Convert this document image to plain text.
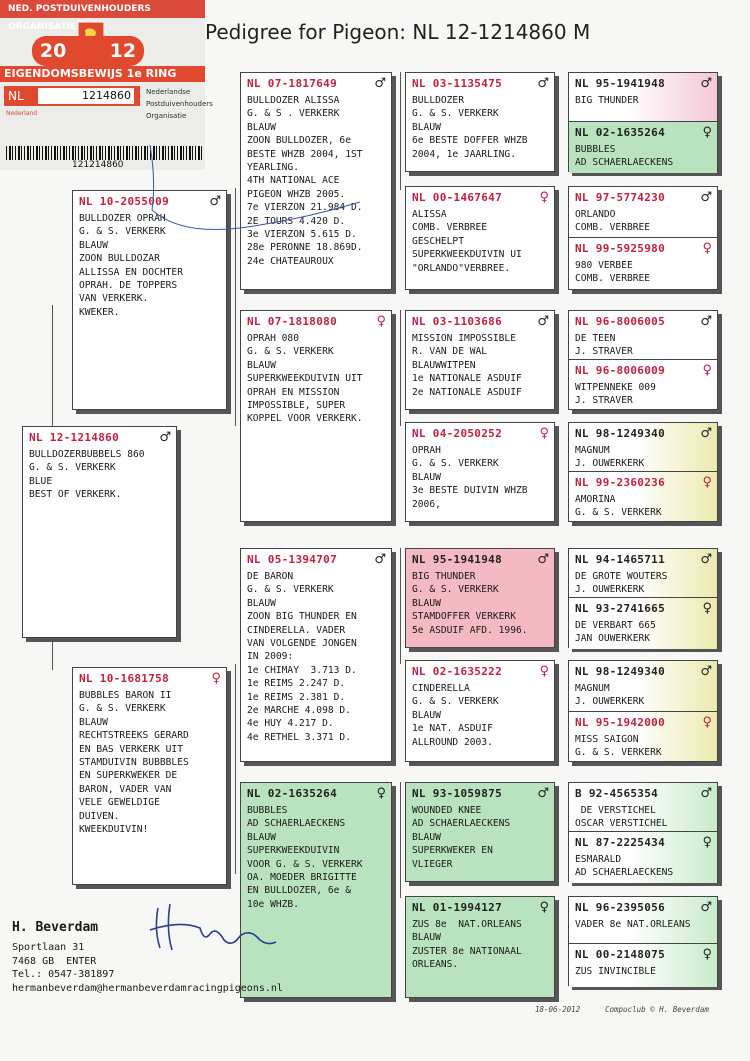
Pedigree for Pigeon: NL 12-1214860 M
NED. POSTDUIVENHOUDERS ORGANISATIE
20 12
EIGENDOMSBEWIJS 1e RING
NL	1214860
Nederland
Nederlandse
Postduivenhouders
Organisatie
121214860
NL 12-1214860	♂
BULLDOZERBUBBELS 860
G. & S. VERKERK
BLUE
BEST OF VERKERK.
NL 10-2055009	♂
BULLDOZER OPRAH
G. & S. VERKERK
BLAUW
ZOON BULLDOZAR
ALLISSA EN DOCHTER
OPRAH. DE TOPPERS
VAN VERKERK.
KWEKER.
NL 10-1681758	♀
BUBBLES BARON II
G. & S. VERKERK
BLAUW
RECHTSTREEKS GERARD
EN BAS VERKERK UIT
STAMDUIVIN BUBBBLES
EN SUPERKWEKER DE
BARON, VADER VAN
VELE GEWELDIGE
DUIVEN.
KWEEKDUIVIN!
NL 07-1817649	♂
BULLDOZER ALISSA
G. & S . VERKERK
BLAUW
ZOON BULLDOZER, 6e
BESTE WHZB 2004, 1ST
YEARLING.
4TH NATIONAL ACE
PIGEON WHZB 2005.
7e VIERZON 21.984 D.
2E TOURS 4.420 D.
3e VIERZON 5.615 D.
28e PERONNE 18.869D.
24e CHATEAUROUX
NL 07-1818080	♀
OPRAH 080
G. & S. VERKERK
BLAUW
SUPERKWEEKDUIVIN UIT
OPRAH EN MISSION
IMPOSSIBLE, SUPER
KOPPEL VOOR VERKERK.
NL 05-1394707	♂
DE BARON
G. & S. VERKERK
BLAUW
ZOON BIG THUNDER EN
CINDERELLA. VADER
VAN VOLGENDE JONGEN
IN 2009:
1e CHIMAY  3.713 D.
1e REIMS 2.247 D.
1e REIMS 2.381 D.
2e MARCHE 4.098 D.
4e HUY 4.217 D.
4e RETHEL 3.371 D.
NL 02-1635264	♀
BUBBLES
AD SCHAERLAECKENS
BLAUW
SUPERKWEEKDUIVIN
VOOR G. & S. VERKERK
OA. MOEDER BRIGITTE
EN BULLDOZER, 6e &
10e WHZB.
NL 03-1135475	♂
BULLDOZER
G. & S. VERKERK
BLAUW
6e BESTE DOFFER WHZB
2004, 1e JAARLING.
NL 00-1467647	♀
ALISSA
COMB. VERBREE
GESCHELPT
SUPERKWEEKDUIVIN UI
"ORLANDO"VERBREE.
NL 03-1103686	♂
MISSION IMPOSSIBLE
R. VAN DE WAL
BLAUWWITPEN
1e NATIONALE ASDUIF
2e NATIONALE ASDUIF
NL 04-2050252	♀
OPRAH
G. & S. VERKERK
BLAUW
3e BESTE DUIVIN WHZB
2006,
NL 95-1941948	♂
BIG THUNDER
G. & S. VERKERK
BLAUW
STAMDOFFER VERKERK
5e ASDUIF AFD. 1996.
NL 02-1635222	♀
CINDERELLA
G. & S. VERKERK
BLAUW
1e NAT. ASDUIF
ALLROUND 2003.
NL 93-1059875	♂
WOUNDED KNEE
AD SCHAERLAECKENS
BLAUW
SUPERKWEKER EN
VLIEGER
NL 01-1994127	♀
ZUS 8e  NAT.ORLEANS
BLAUW
ZUSTER 8e NATIONAAL
ORLEANS.
NL 95-1941948	♂
BIG THUNDER
NL 02-1635264	♀
BUBBLES
AD SCHAERLAECKENS
NL 97-5774230	♂
ORLANDO
COMB. VERBREE
NL 99-5925980	♀
980 VERBEE
COMB. VERBREE
NL 96-8006005	♂
DE TEEN
J. STRAVER
NL 96-8006009	♀
WITPENNEKE 009
J. STRAVER
NL 98-1249340	♂
MAGNUM
J. OUWERKERK
NL 99-2360236	♀
AMORINA
G. & S. VERKERK
NL 94-1465711	♂
DE GROTE WOUTERS
J. OUWERKERK
NL 93-2741665	♀
DE VERBART 665
JAN OUWERKERK
NL 98-1249340	♂
MAGNUM
J. OUWERKERK
NL 95-1942000	♀
MISS SAIGON
G. & S. VERKERK
B 92-4565354	♂
DE VERSTICHEL
OSCAR VERSTICHEL
NL 87-2225434	♀
ESMARALD
AD SCHAERLAECKENS
NL 96-2395056	♂
VADER 8e NAT.ORLEANS
NL 00-2148075	♀
ZUS INVINCIBLE
H. Beverdam
Sportlaan 31
7468 GB  ENTER
Tel.: 0547-381897
hermanbeverdam@hermanbeverdamracingpigeons.nl
18-06-2012	Compuclub © H. Beverdam
